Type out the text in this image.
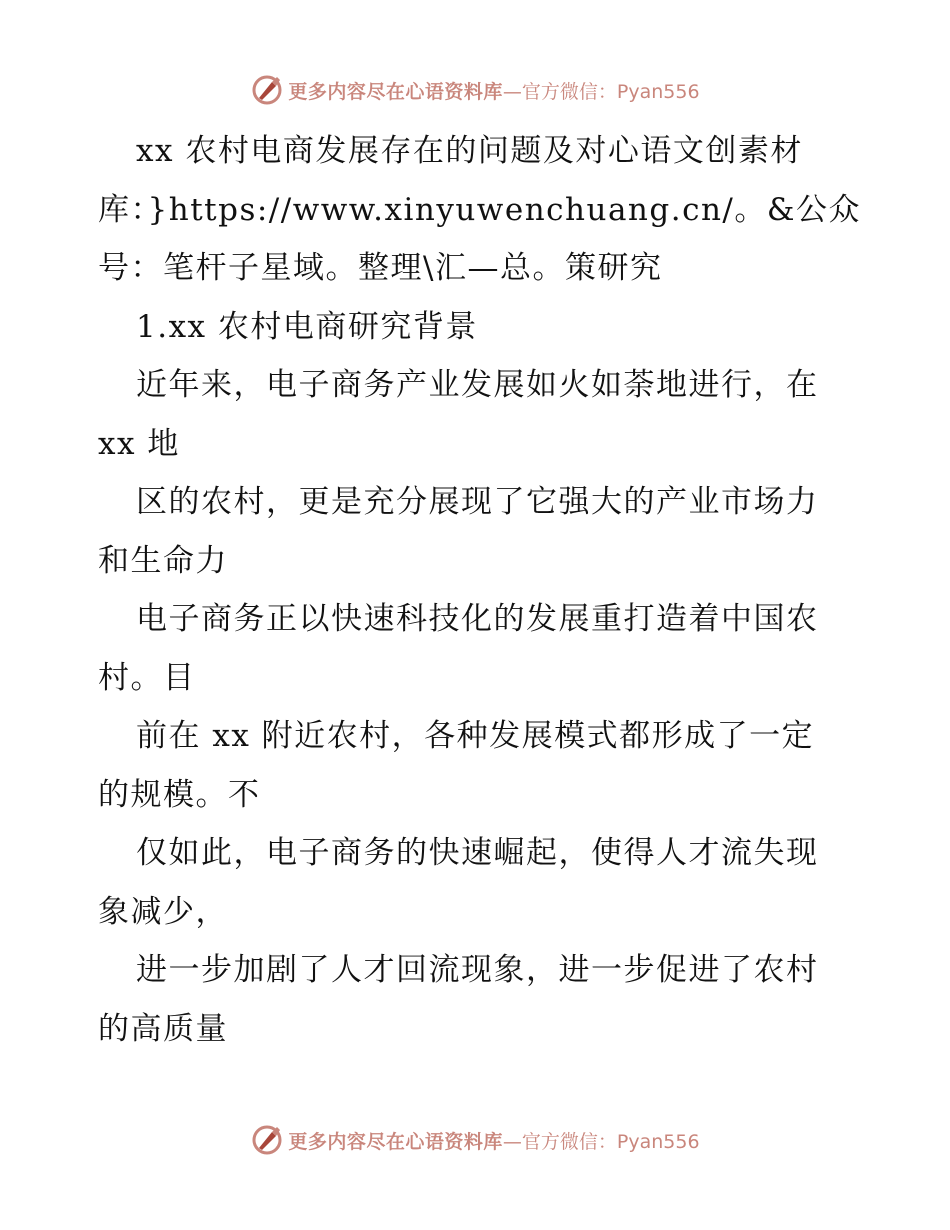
更多内容尽在心语资料库 —官方微信：Pyan556
xx 农村电商发展存在的问题及对心语文创素材
库：}https://www.xinyuwenchuang.cn/。&公众
号：笔杆子星域。整理\汇—总。策研究
1.xx 农村电商研究背景
近年来，电子商务产业发展如火如荼地进行，在
xx 地
区的农村，更是充分展现了它强大的产业市场力
和生命力
电子商务正以快速科技化的发展重打造着中国农
村。目
前在 xx 附近农村，各种发展模式都形成了一定
的规模。不
仅如此，电子商务的快速崛起，使得人才流失现
象减少，
进一步加剧了人才回流现象，进一步促进了农村
的高质量
更多内容尽在心语资料库 —官方微信：Pyan556
